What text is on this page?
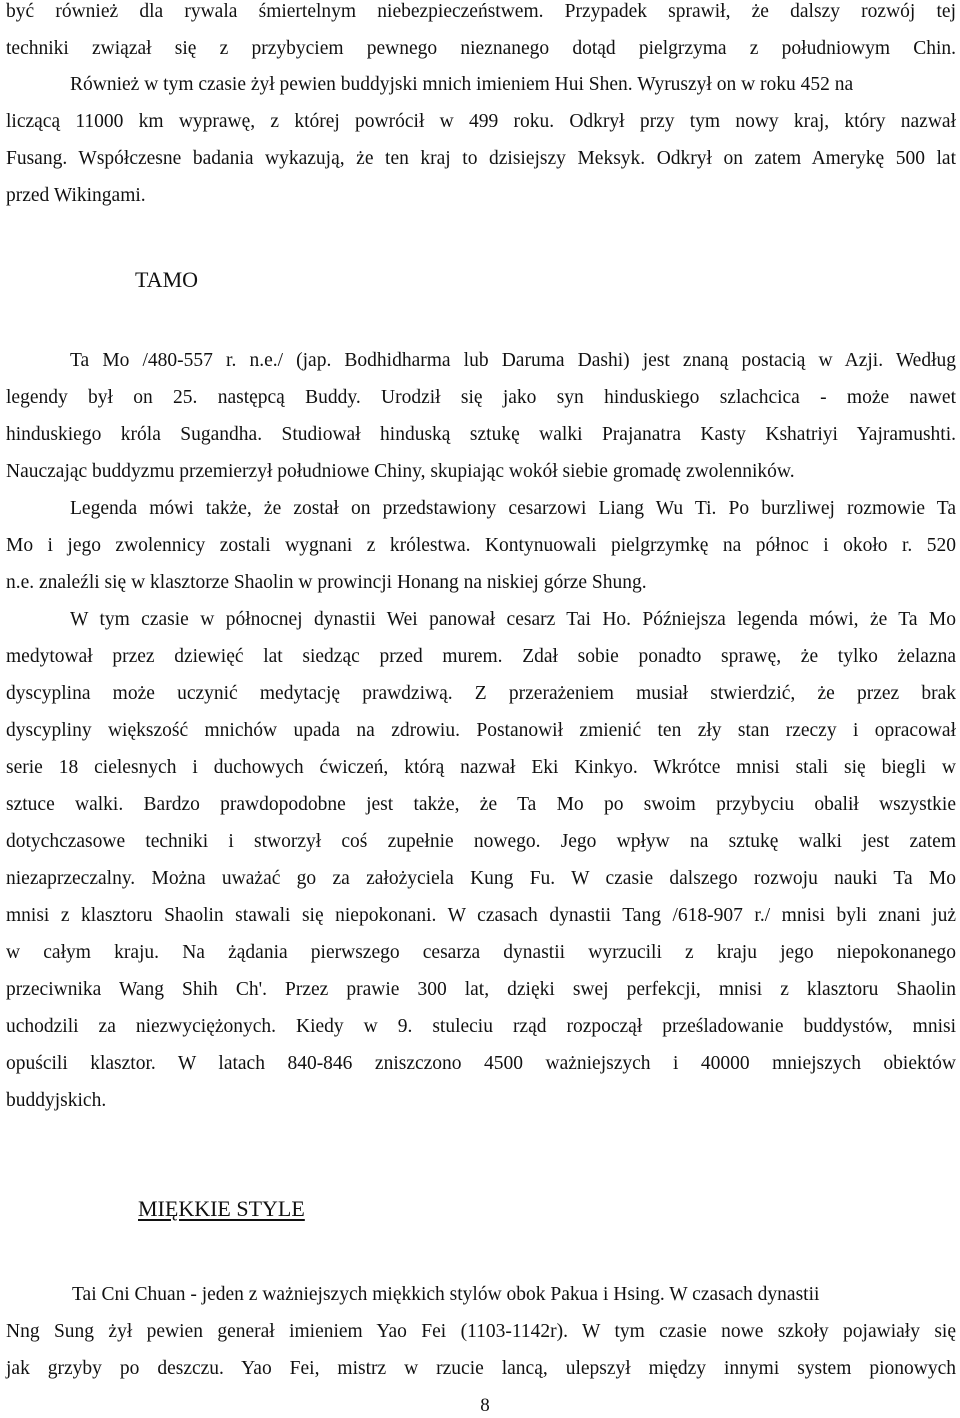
być również dla rywala śmiertelnym niebezpieczeństwem. Przypadek sprawił, że dalszy rozwój tej
techniki związał się z przybyciem pewnego nieznanego dotąd pielgrzyma z południowym Chin.
Również w tym czasie żył pewien buddyjski mnich imieniem Hui Shen. Wyruszył on w roku 452 na
liczącą 11000 km wyprawę, z której powrócił w 499 roku. Odkrył przy tym nowy kraj, który nazwał
Fusang. Współczesne badania wykazują, że ten kraj to dzisiejszy Meksyk. Odkrył on zatem Amerykę 500 lat
przed Wikingami.
TAMO
Ta Mo /480-557 r. n.e./ (jap. Bodhidharma lub Daruma Dashi) jest znaną postacią w Azji. Według
legendy był on 25. następcą Buddy. Urodził się jako syn hinduskiego szlachcica - może nawet
hinduskiego króla Sugandha. Studiował hinduską sztukę walki Prajanatra Kasty Kshatriyi Yajramushti.
Nauczając buddyzmu przemierzył południowe Chiny, skupiając wokół siebie gromadę zwolenników.
Legenda mówi także, że został on przedstawiony cesarzowi Liang Wu Ti. Po burzliwej rozmowie Ta
Mo i jego zwolennicy zostali wygnani z królestwa. Kontynuowali pielgrzymkę na północ i około r. 520
n.e. znaleźli się w klasztorze Shaolin w prowincji Honang na niskiej górze Shung.
W tym czasie w północnej dynastii Wei panował cesarz Tai Ho. Późniejsza legenda mówi, że Ta Mo
medytował przez dziewięć lat siedząc przed murem. Zdał sobie ponadto sprawę, że tylko żelazna
dyscyplina może uczynić medytację prawdziwą. Z przerażeniem musiał stwierdzić, że przez brak
dyscypliny większość mnichów upada na zdrowiu. Postanowił zmienić ten zły stan rzeczy i opracował
serie 18 cielesnych i duchowych ćwiczeń, którą nazwał Eki Kinkyo. Wkrótce mnisi stali się biegli w
sztuce walki. Bardzo prawdopodobne jest także, że Ta Mo po swoim przybyciu obalił wszystkie
dotychczasowe techniki i stworzył coś zupełnie nowego. Jego wpływ na sztukę walki jest zatem
niezaprzeczalny. Można uważać go za założyciela Kung Fu. W czasie dalszego rozwoju nauki Ta Mo
mnisi z klasztoru Shaolin stawali się niepokonani. W czasach dynastii Tang /618-907 r./ mnisi byli znani już
w całym kraju. Na żądania pierwszego cesarza dynastii wyrzucili z kraju jego niepokonanego
przeciwnika Wang Shih Ch'. Przez prawie 300 lat, dzięki swej perfekcji, mnisi z klasztoru Shaolin
uchodzili za niezwyciężonych. Kiedy w 9. stuleciu rząd rozpoczął prześladowanie buddystów, mnisi
opuścili klasztor. W latach 840-846 zniszczono 4500 ważniejszych i 40000 mniejszych obiektów
buddyjskich.
MIĘKKIE STYLE
Tai Cni Chuan - jeden z ważniejszych miękkich stylów obok Pakua i Hsing. W czasach dynastii
Nng Sung żył pewien generał imieniem Yao Fei (1103-1142r). W tym czasie nowe szkoły pojawiały się
jak grzyby po deszczu. Yao Fei, mistrz w rzucie lancą, ulepszył między innymi system pionowych
8
